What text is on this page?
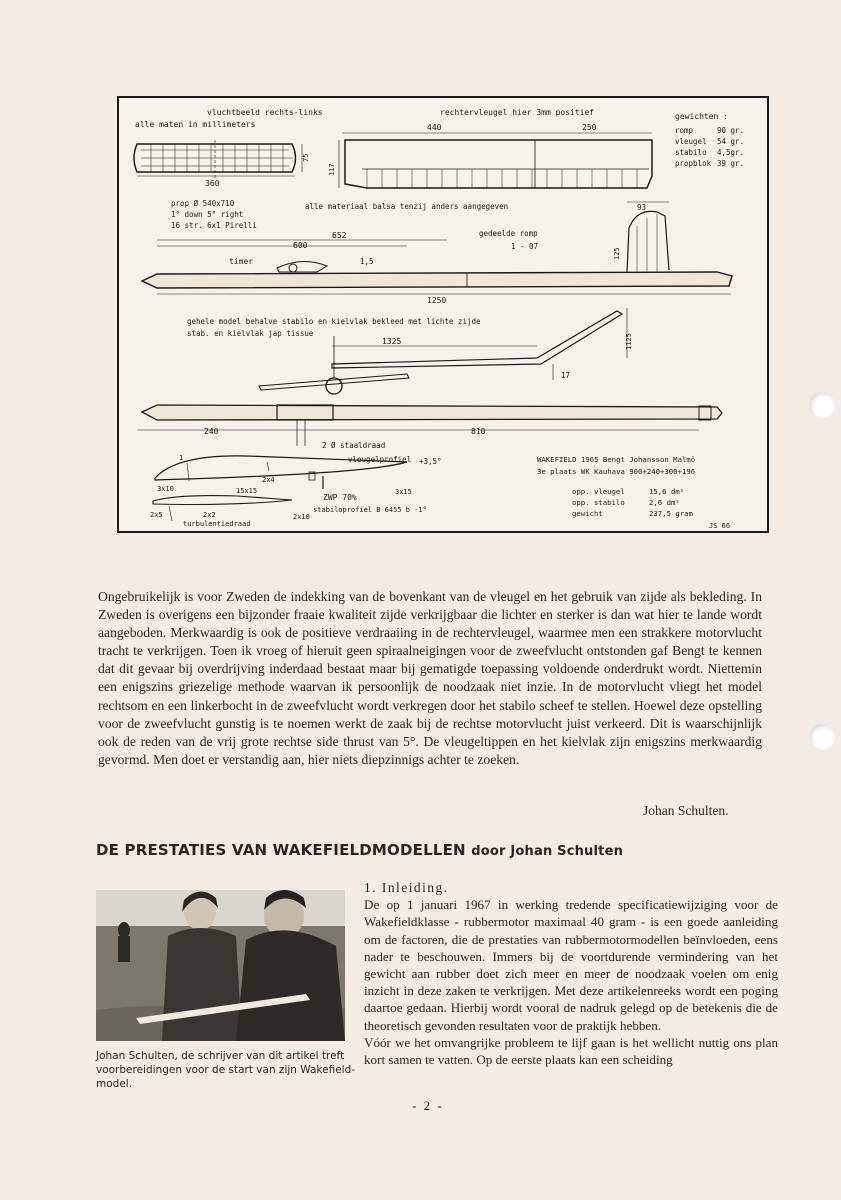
vluchtbeeld rechts-links
alle maten in millimeters
rechtervleugel hier 3mm positief	gewichten :
romp	90 gr.
vleugel 54 gr.
stabilo 4,5gr.
propblok 39 gr.
360
75
440	250
117
prop Ø 540x710
1° down 5° right
16 str. 6x1 Pirelli
alle materiaal balsa tenzij anders aangegeven
652
600
93
125
gedeelde romp
1 - 07
timer	1,5
1250
gehele model behalve stabilo en kielvlak bekleed met lichte zijde
stab. en kielvlak jap tissue
1325	1125
17
240	810
2 Ø staaldraad
1
2x4
3x10	15x15	3x15
2x5	2x2	2x10
vleugelprofiel +3,5°
ZWP 70%
stabiloprofiel B 6455 b -1°
turbulentiedraad
WAKEFIELD 1965 Bengt Johansson Malmö
3e plaats WK Kauhava 900+240+300+196
opp. vleugel	15,6 dm²
opp. stabilo	2,6 dm²
gewicht	237,5 gram
JS 66

Ongebruikelijk is voor Zweden de indekking van de bovenkant van de vleugel en het gebruik van zijde als bekleding. In Zweden is overigens een bijzonder fraaie kwaliteit zijde verkrijgbaar die lichter en sterker is dan wat hier te lande wordt aangeboden. Merkwaardig is ook de positieve verdraaiing in de rechtervleugel, waarmee men een strakkere motorvlucht tracht te verkrijgen. Toen ik vroeg of hieruit geen spiraalneigingen voor de zweefvlucht ontstonden gaf Bengt te kennen dat dit gevaar bij overdrijving inderdaad bestaat maar bij gematigde toepassing voldoende onderdrukt wordt. Niettemin een enigszins griezelige methode waarvan ik persoonlijk de noodzaak niet inzie. In de motorvlucht vliegt het model rechtsom en een linkerbocht in de zweefvlucht wordt verkregen door het stabilo scheef te stellen. Hoewel deze opstelling voor de zweefvlucht gunstig is te noemen werkt de zaak bij de rechtse motorvlucht juist verkeerd. Dit is waarschijnlijk ook de reden van de vrij grote rechtse side thrust van 5°. De vleugeltippen en het kielvlak zijn enigszins merkwaardig gevormd. Men doet er verstandig aan, hier niets diepzinnigs achter te zoeken.

Johan Schulten.
DE PRESTATIES VAN WAKEFIELDMODELLEN door Johan Schulten
Johan Schulten, de schrijver van dit artikel treft voorbereidingen voor de start van zijn Wakefield-model.
1. Inleiding.

De op 1 januari 1967 in werking tredende specificatiewijziging voor de Wakefieldklasse - rubbermotor maximaal 40 gram - is een goede aanleiding om de factoren, die de prestaties van rubbermotormodellen beïnvloeden, eens nader te beschouwen. Immers bij de voortdurende vermindering van het gewicht aan rubber doet zich meer en meer de noodzaak voelen om enig inzicht in deze zaken te verkrijgen. Met deze artikelenreeks wordt een poging daartoe gedaan. Hierbij wordt vooral de nadruk gelegd op de betekenis die de theoretisch gevonden resultaten voor de praktijk hebben.

Vóór we het omvangrijke probleem te lijf gaan is het wellicht nuttig ons plan kort samen te vatten. Op de eerste plaats kan een scheiding

- 2 -
